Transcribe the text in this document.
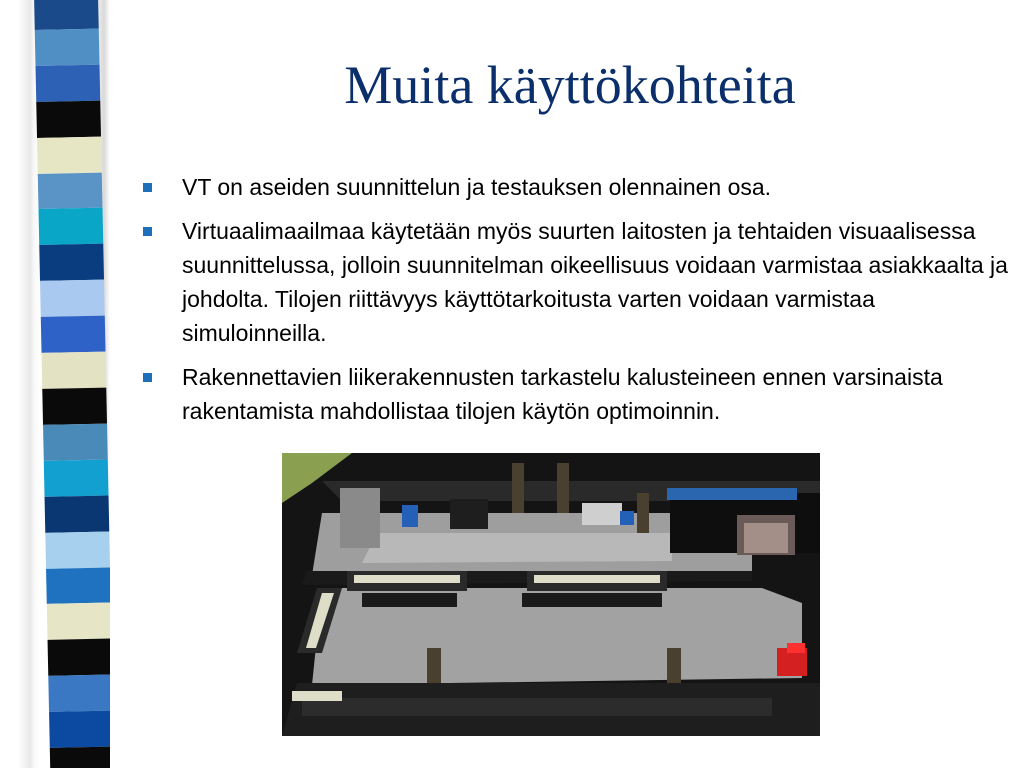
Muita käyttökohteita
VT on aseiden suunnittelun ja testauksen olennainen osa.
Virtuaalimaailmaa käytetään myös suurten laitosten ja tehtaiden visuaalisessa suunnittelussa, jolloin suunnitelman oikeellisuus voidaan varmistaa asiakkaalta ja johdolta. Tilojen riittävyys käyttötarkoitusta varten voidaan varmistaa simuloinneilla.
Rakennettavien liikerakennusten tarkastelu kalusteineen ennen varsinaista rakentamista mahdollistaa tilojen käytön optimoinnin.
